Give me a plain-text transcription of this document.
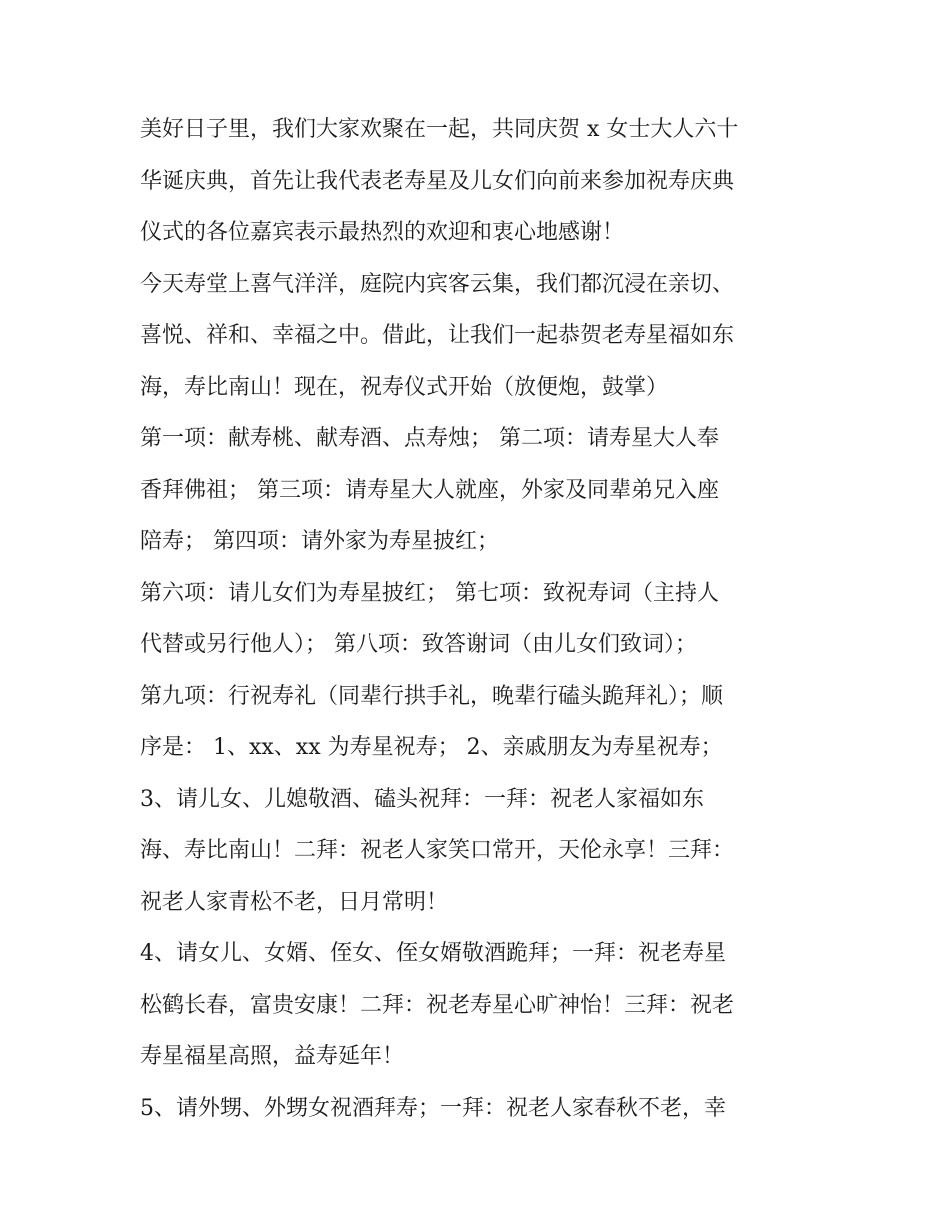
美好日子里，我们大家欢聚在一起，共同庆贺 x 女士大人六十
华诞庆典，首先让我代表老寿星及儿女们向前来参加祝寿庆典
仪式的各位嘉宾表示最热烈的欢迎和衷心地感谢！
今天寿堂上喜气洋洋，庭院内宾客云集，我们都沉浸在亲切、
喜悦、祥和、幸福之中。借此，让我们一起恭贺老寿星福如东
海，寿比南山！现在，祝寿仪式开始（放便炮，鼓掌）
第一项：献寿桃、献寿酒、点寿烛； 第二项：请寿星大人奉
香拜佛祖； 第三项：请寿星大人就座，外家及同辈弟兄入座
陪寿； 第四项：请外家为寿星披红；
第六项：请儿女们为寿星披红； 第七项：致祝寿词（主持人
代替或另行他人）； 第八项：致答谢词（由儿女们致词）；
第九项：行祝寿礼（同辈行拱手礼，晚辈行磕头跪拜礼）；顺
序是： 1、xx、xx 为寿星祝寿； 2、亲戚朋友为寿星祝寿；
3、请儿女、儿媳敬酒、磕头祝拜：一拜：祝老人家福如东
海、寿比南山！二拜：祝老人家笑口常开，天伦永享！三拜：
祝老人家青松不老，日月常明！
4、请女儿、女婿、侄女、侄女婿敬酒跪拜；一拜：祝老寿星
松鹤长春，富贵安康！二拜：祝老寿星心旷神怡！三拜：祝老
寿星福星高照，益寿延年！
5、请外甥、外甥女祝酒拜寿；一拜：祝老人家春秋不老，幸
